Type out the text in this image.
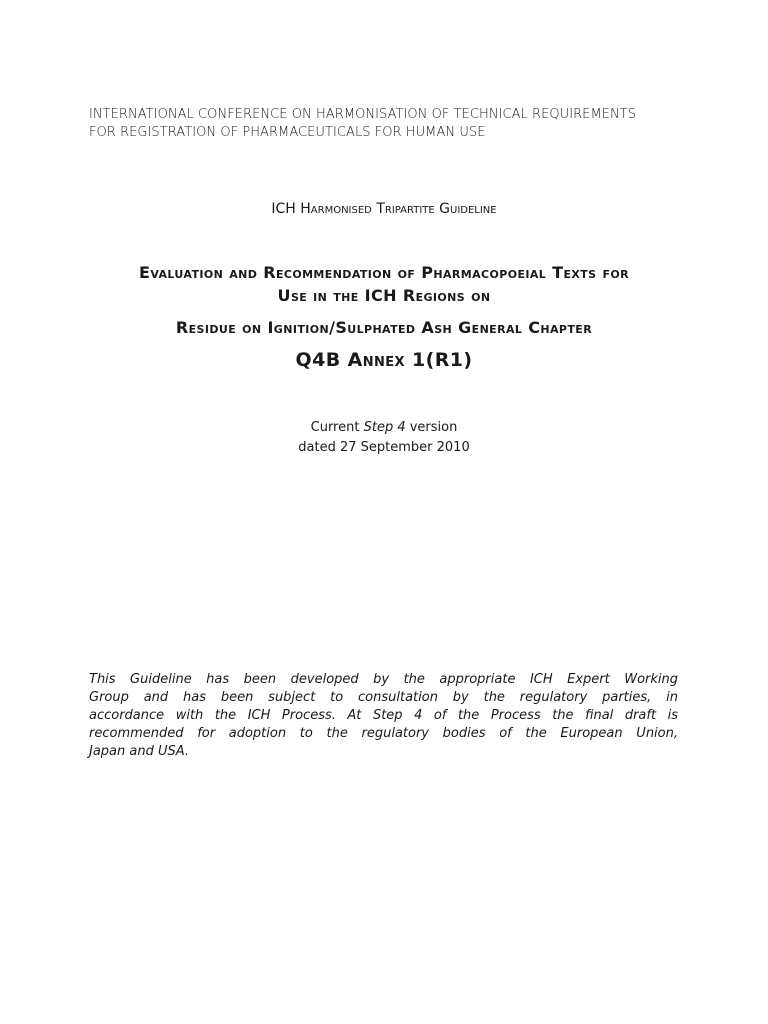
INTERNATIONAL CONFERENCE ON HARMONISATION OF TECHNICAL REQUIREMENTS
FOR REGISTRATION OF PHARMACEUTICALS FOR HUMAN USE
ICH Harmonised Tripartite Guideline
Evaluation and Recommendation of Pharmacopoeial Texts for
Use in the ICH Regions on
Residue on Ignition/Sulphated Ash General Chapter
Q4B Annex 1(R1)
Current Step 4 version
dated 27 September 2010
This Guideline has been developed by the appropriate ICH Expert Working
Group and has been subject to consultation by the regulatory parties, in
accordance with the ICH Process. At Step 4 of the Process the final draft is
recommended for adoption to the regulatory bodies of the European Union,
Japan and USA.
